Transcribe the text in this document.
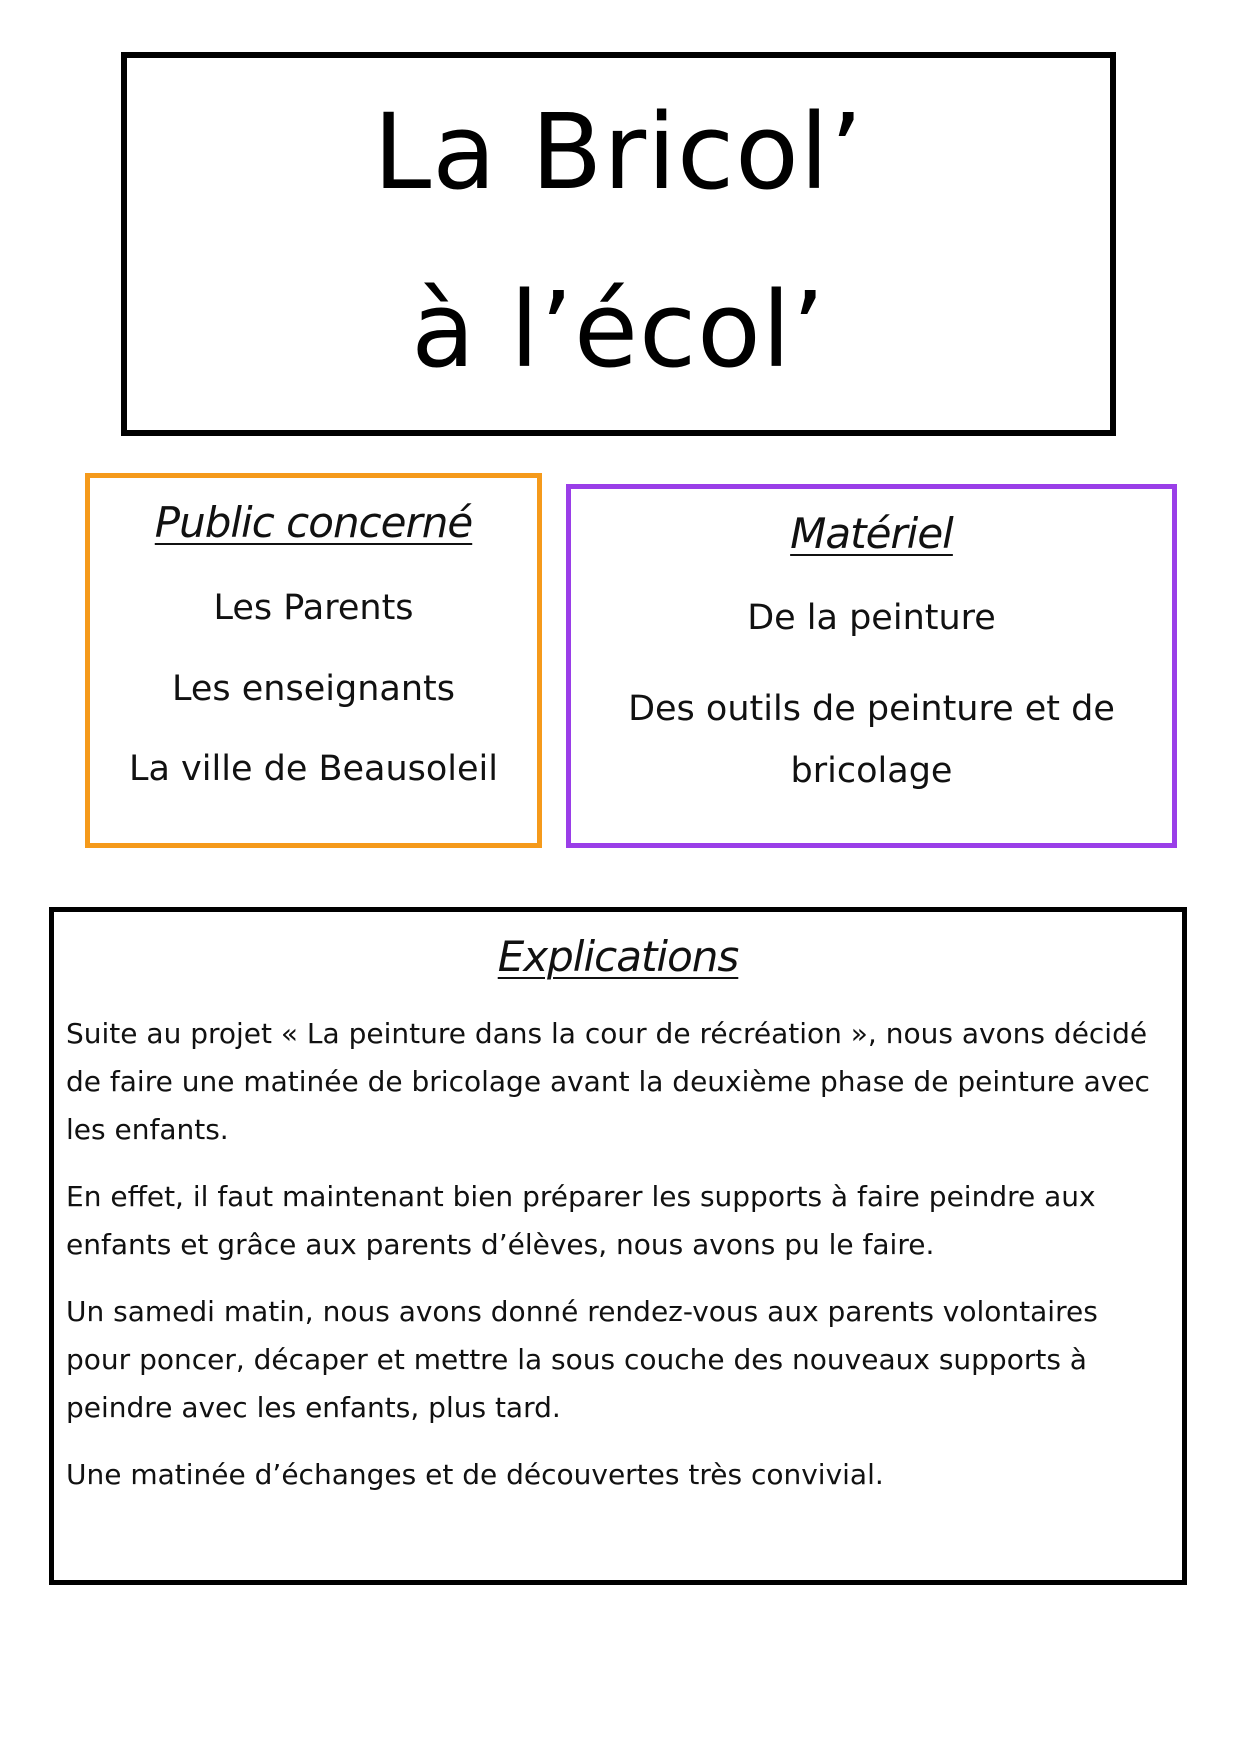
La Bricol’
à l’écol’
Public concerné
Les Parents
Les enseignants
La ville de Beausoleil
Matériel
De la peinture
Des outils de peinture et de bricolage
Explications

Suite au projet « La peinture dans la cour de récréation », nous avons décidé de faire une matinée de bricolage avant la deuxième phase de peinture avec les enfants.

En effet, il faut maintenant bien préparer les supports à faire peindre aux enfants et grâce aux parents d’élèves, nous avons pu le faire.

Un samedi matin, nous avons donné rendez-vous aux parents volontaires pour poncer, décaper et mettre la sous couche des nouveaux supports à peindre avec les enfants, plus tard.

Une matinée d’échanges et de découvertes très convivial.
